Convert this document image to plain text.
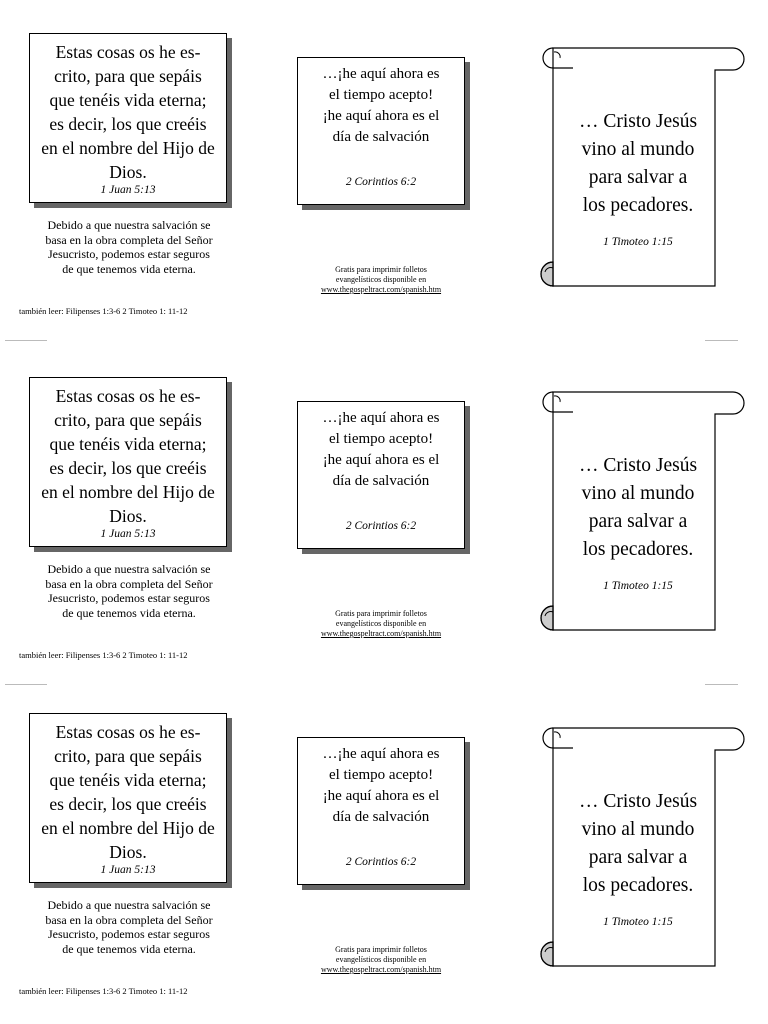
Estas cosas os he es-
crito, para que sepáis
que tenéis vida eterna;
es decir, los que creéis
en el nombre del Hijo de
Dios.
1 Juan 5:13
Debido a que nuestra salvación se
basa en la obra completa del Señor
Jesucristo, podemos estar seguros
de que tenemos vida eterna.
también leer: Filipenses 1:3-6 2 Timoteo 1: 11-12
…¡he aquí ahora es
el tiempo acepto!
¡he aquí ahora es el
día de salvación
2 Corintios 6:2
Gratis para imprimir folletos
evangelísticos disponible en
www.thegospeltract.com/spanish.htm
… Cristo Jesús
vino al mundo
para salvar a
los pecadores.
1 Timoteo 1:15
Estas cosas os he es-
crito, para que sepáis
que tenéis vida eterna;
es decir, los que creéis
en el nombre del Hijo de
Dios.
1 Juan 5:13
Debido a que nuestra salvación se
basa en la obra completa del Señor
Jesucristo, podemos estar seguros
de que tenemos vida eterna.
también leer: Filipenses 1:3-6 2 Timoteo 1: 11-12
…¡he aquí ahora es
el tiempo acepto!
¡he aquí ahora es el
día de salvación
2 Corintios 6:2
Gratis para imprimir folletos
evangelísticos disponible en
www.thegospeltract.com/spanish.htm
… Cristo Jesús
vino al mundo
para salvar a
los pecadores.
1 Timoteo 1:15
Estas cosas os he es-
crito, para que sepáis
que tenéis vida eterna;
es decir, los que creéis
en el nombre del Hijo de
Dios.
1 Juan 5:13
Debido a que nuestra salvación se
basa en la obra completa del Señor
Jesucristo, podemos estar seguros
de que tenemos vida eterna.
también leer: Filipenses 1:3-6 2 Timoteo 1: 11-12
…¡he aquí ahora es
el tiempo acepto!
¡he aquí ahora es el
día de salvación
2 Corintios 6:2
Gratis para imprimir folletos
evangelísticos disponible en
www.thegospeltract.com/spanish.htm
… Cristo Jesús
vino al mundo
para salvar a
los pecadores.
1 Timoteo 1:15
